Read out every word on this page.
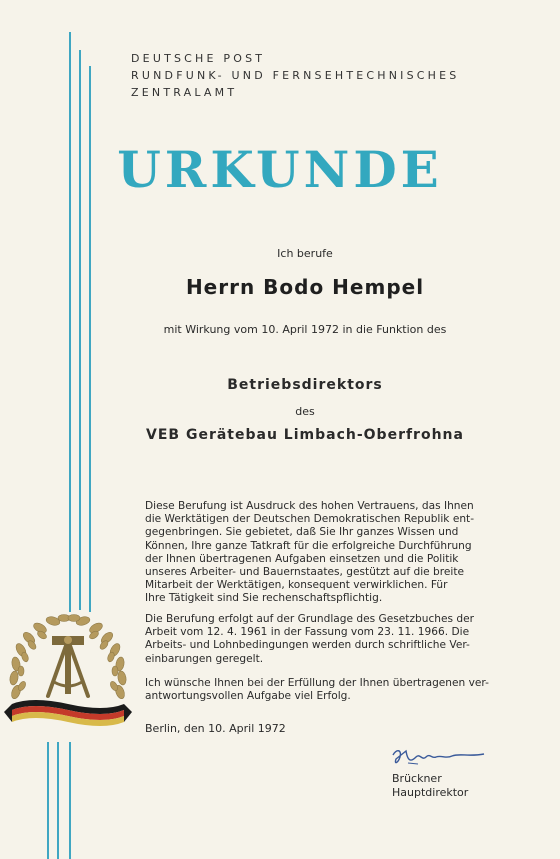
DEUTSCHE POST
RUNDFUNK- UND FERNSEHTECHNISCHES
ZENTRALAMT
URKUNDE
Ich berufe
Herrn Bodo Hempel
mit Wirkung vom 10. April 1972 in die Funktion des
Betriebsdirektors
des
VEB Gerätebau Limbach-Oberfrohna
Diese Berufung ist Ausdruck des hohen Vertrauens, das Ihnen
die Werktätigen der Deutschen Demokratischen Republik ent-
gegenbringen. Sie gebietet, daß Sie Ihr ganzes Wissen und
Können, Ihre ganze Tatkraft für die erfolgreiche Durchführung
der Ihnen übertragenen Aufgaben einsetzen und die Politik
unseres Arbeiter- und Bauernstaates, gestützt auf die breite
Mitarbeit der Werktätigen, konsequent verwirklichen. Für
Ihre Tätigkeit sind Sie rechenschaftspflichtig.
Die Berufung erfolgt auf der Grundlage des Gesetzbuches der
Arbeit vom 12. 4. 1961 in der Fassung vom 23. 11. 1966. Die
Arbeits- und Lohnbedingungen werden durch schriftliche Ver-
einbarungen geregelt.
Ich wünsche Ihnen bei der Erfüllung der Ihnen übertragenen ver-
antwortungsvollen Aufgabe viel Erfolg.
Berlin, den 10. April 1972
Brückner
Hauptdirektor
